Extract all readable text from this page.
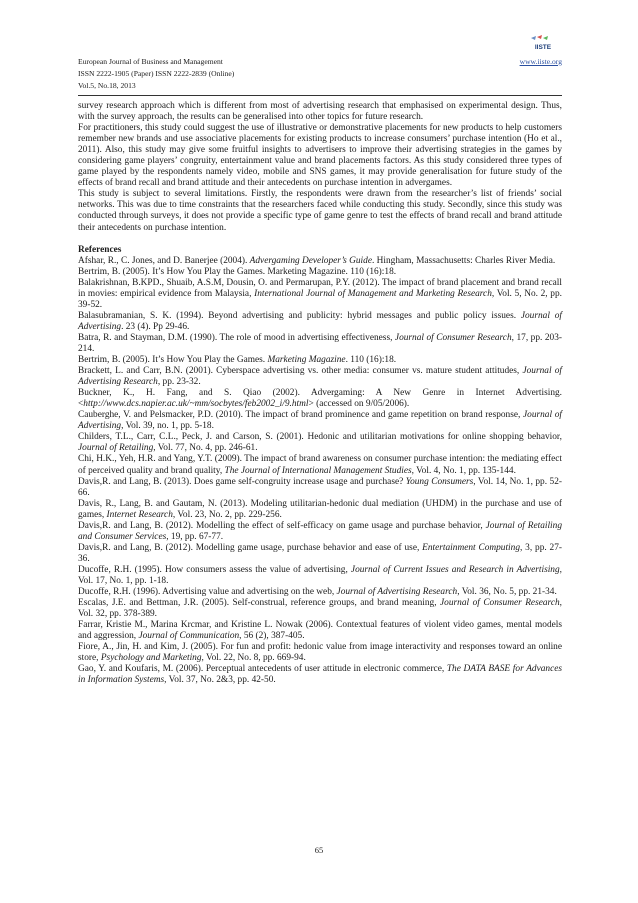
European Journal of Business and Management	www.iiste.org
ISSN 2222-1905 (Paper) ISSN 2222-2839 (Online)
Vol.5, No.18, 2013
IISTE

survey research approach which is different from most of advertising research that emphasised on experimental design. Thus, with the survey approach, the results can be generalised into other topics for future research.

For practitioners, this study could suggest the use of illustrative or demonstrative placements for new products to help customers remember new brands and use associative placements for existing products to increase consumers’ purchase intention (Ho et al., 2011). Also, this study may give some fruitful insights to advertisers to improve their advertising strategies in the games by considering game players’ congruity, entertainment value and brand placements factors. As this study considered three types of game played by the respondents namely video, mobile and SNS games, it may provide generalisation for future study of the effects of brand recall and brand attitude and their antecedents on purchase intention in advergames.

This study is subject to several limitations. Firstly, the respondents were drawn from the researcher’s list of friends’ social networks. This was due to time constraints that the researchers faced while conducting this study. Secondly, since this study was conducted through surveys, it does not provide a specific type of game genre to test the effects of brand recall and brand attitude their antecedents on purchase intention.

References

Afshar, R., C. Jones, and D. Banerjee (2004). Advergaming Developer’s Guide. Hingham, Massachusetts: Charles River Media.

Bertrim, B. (2005). It’s How You Play the Games. Marketing Magazine. 110 (16):18.

Balakrishnan, B.KPD., Shuaib, A.S.M, Dousin, O. and Permarupan, P.Y. (2012). The impact of brand placement and brand recall in movies: empirical evidence from Malaysia, International Journal of Management and Marketing Research, Vol. 5, No. 2, pp. 39-52.

Balasubramanian, S. K. (1994). Beyond advertising and publicity: hybrid messages and public policy issues. Journal of Advertising. 23 (4). Pp 29-46.

Batra, R. and Stayman, D.M. (1990). The role of mood in advertising effectiveness, Journal of Consumer Research, 17, pp. 203-214.

Bertrim, B. (2005). It’s How You Play the Games. Marketing Magazine. 110 (16):18.

Brackett, L. and Carr, B.N. (2001). Cyberspace advertising vs. other media: consumer vs. mature student attitudes, Journal of Advertising Research, pp. 23-32.

Buckner, K., H. Fang, and S. Qiao (2002). Advergaming: A New Genre in Internet Advertising. <http://www.dcs.napier.ac.uk/~mm/socbytes/feb2002_i/9.html> (accessed on 9/05/2006).

Cauberghe, V. and Pelsmacker, P.D. (2010). The impact of brand prominence and game repetition on brand response, Journal of Advertising, Vol. 39, no. 1, pp. 5-18.

Childers, T.L., Carr, C.L., Peck, J. and Carson, S. (2001). Hedonic and utilitarian motivations for online shopping behavior, Journal of Retailing, Vol. 77, No. 4, pp. 246-61.

Chi, H.K., Yeh, H.R. and Yang, Y.T. (2009). The impact of brand awareness on consumer purchase intention: the mediating effect of perceived quality and brand quality, The Journal of International Management Studies, Vol. 4, No. 1, pp. 135-144.

Davis,R. and Lang, B. (2013). Does game self-congruity increase usage and purchase? Young Consumers, Vol. 14, No. 1, pp. 52-66.

Davis, R., Lang, B. and Gautam, N. (2013). Modeling utilitarian-hedonic dual mediation (UHDM) in the purchase and use of games, Internet Research, Vol. 23, No. 2, pp. 229-256.

Davis,R. and Lang, B. (2012). Modelling the effect of self-efficacy on game usage and purchase behavior, Journal of Retailing and Consumer Services, 19, pp. 67-77.

Davis,R. and Lang, B. (2012). Modelling game usage, purchase behavior and ease of use, Entertainment Computing, 3, pp. 27-36.

Ducoffe, R.H. (1995). How consumers assess the value of advertising, Journal of Current Issues and Research in Advertising, Vol. 17, No. 1, pp. 1-18.

Ducoffe, R.H. (1996). Advertising value and advertising on the web, Journal of Advertising Research, Vol. 36, No. 5, pp. 21-34.

Escalas, J.E. and Bettman, J.R. (2005). Self-construal, reference groups, and brand meaning, Journal of Consumer Research, Vol. 32, pp. 378-389.

Farrar, Kristie M., Marina Krcmar, and Kristine L. Nowak (2006). Contextual features of violent video games, mental models and aggression, Journal of Communication, 56 (2), 387-405.

Fiore, A., Jin, H. and Kim, J. (2005). For fun and profit: hedonic value from image interactivity and responses toward an online store, Psychology and Marketing, Vol. 22, No. 8, pp. 669-94.

Gao, Y. and Koufaris, M. (2006). Perceptual antecedents of user attitude in electronic commerce, The DATA BASE for Advances in Information Systems, Vol. 37, No. 2&3, pp. 42-50.

65
